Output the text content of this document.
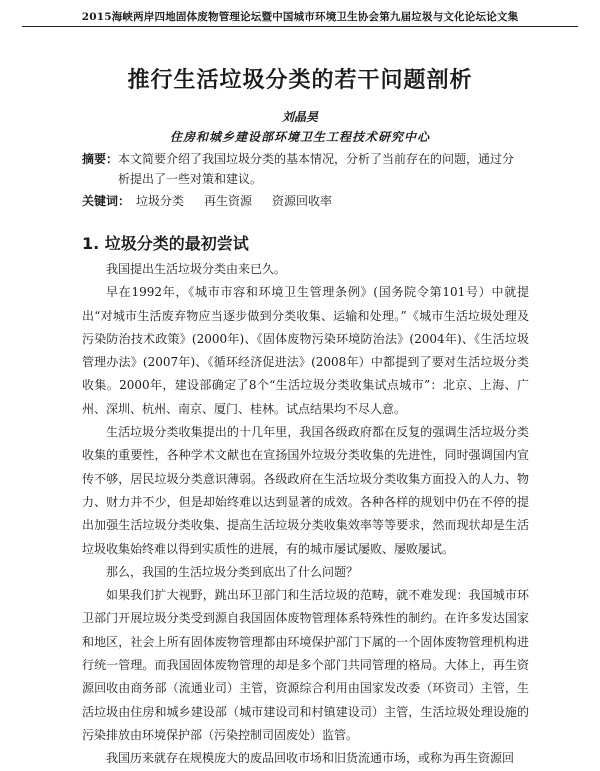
2015海峡两岸四地固体废物管理论坛暨中国城市环境卫生协会第九届垃圾与文化论坛论文集
推行生活垃圾分类的若干问题剖析
刘晶昊
住房和城乡建设部环境卫生工程技术研究中心
摘要：本文简要介绍了我国垃圾分类的基本情况，分析了当前存在的问题，通过分
析提出了一些对策和建议。
关键词： 垃圾分类 再生资源 资源回收率
1. 垃圾分类的最初尝试

我国提出生活垃圾分类由来已久。

早在1992年，《城市市容和环境卫生管理条例》(国务院令第101号）中就提出“对城市生活废弃物应当逐步做到分类收集、运输和处理。”《城市生活垃圾处理及污染防治技术政策》(2000年)、《固体废物污染环境防治法》(2004年)、《生活垃圾管理办法》(2007年)、《循环经济促进法》(2008年）中都提到了要对生活垃圾分类收集。2000年，建设部确定了8个“生活垃圾分类收集试点城市”：北京、上海、广州、深圳、杭州、南京、厦门、桂林。试点结果均不尽人意。

生活垃圾分类收集提出的十几年里，我国各级政府都在反复的强调生活垃圾分类收集的重要性，各种学术文献也在宣扬国外垃圾分类收集的先进性，同时强调国内宣传不够，居民垃圾分类意识薄弱。各级政府在生活垃圾分类收集方面投入的人力、物力、财力并不少，但是却始终难以达到显著的成效。各种各样的规划中仍在不停的提出加强生活垃圾分类收集、提高生活垃圾分类收集效率等等要求，然而现状却是生活垃圾收集始终难以得到实质性的进展，有的城市屡试屡败、屡败屡试。

那么，我国的生活垃圾分类到底出了什么问题？

如果我们扩大视野，跳出环卫部门和生活垃圾的范畴，就不难发现：我国城市环卫部门开展垃圾分类受到源自我国固体废物管理体系特殊性的制约。在许多发达国家和地区，社会上所有固体废物管理都由环境保护部门下属的一个固体废物管理机构进行统一管理。而我国固体废物管理的却是多个部门共同管理的格局。大体上，再生资源回收由商务部（流通业司）主管，资源综合利用由国家发改委（环资司）主管，生活垃圾由住房和城乡建设部（城市建设司和村镇建设司）主管，生活垃圾处理设施的污染排放由环境保护部（污染控制司固废处）监管。

我国历来就存在规模庞大的废品回收市场和旧货流通市场，或称为再生资源回
